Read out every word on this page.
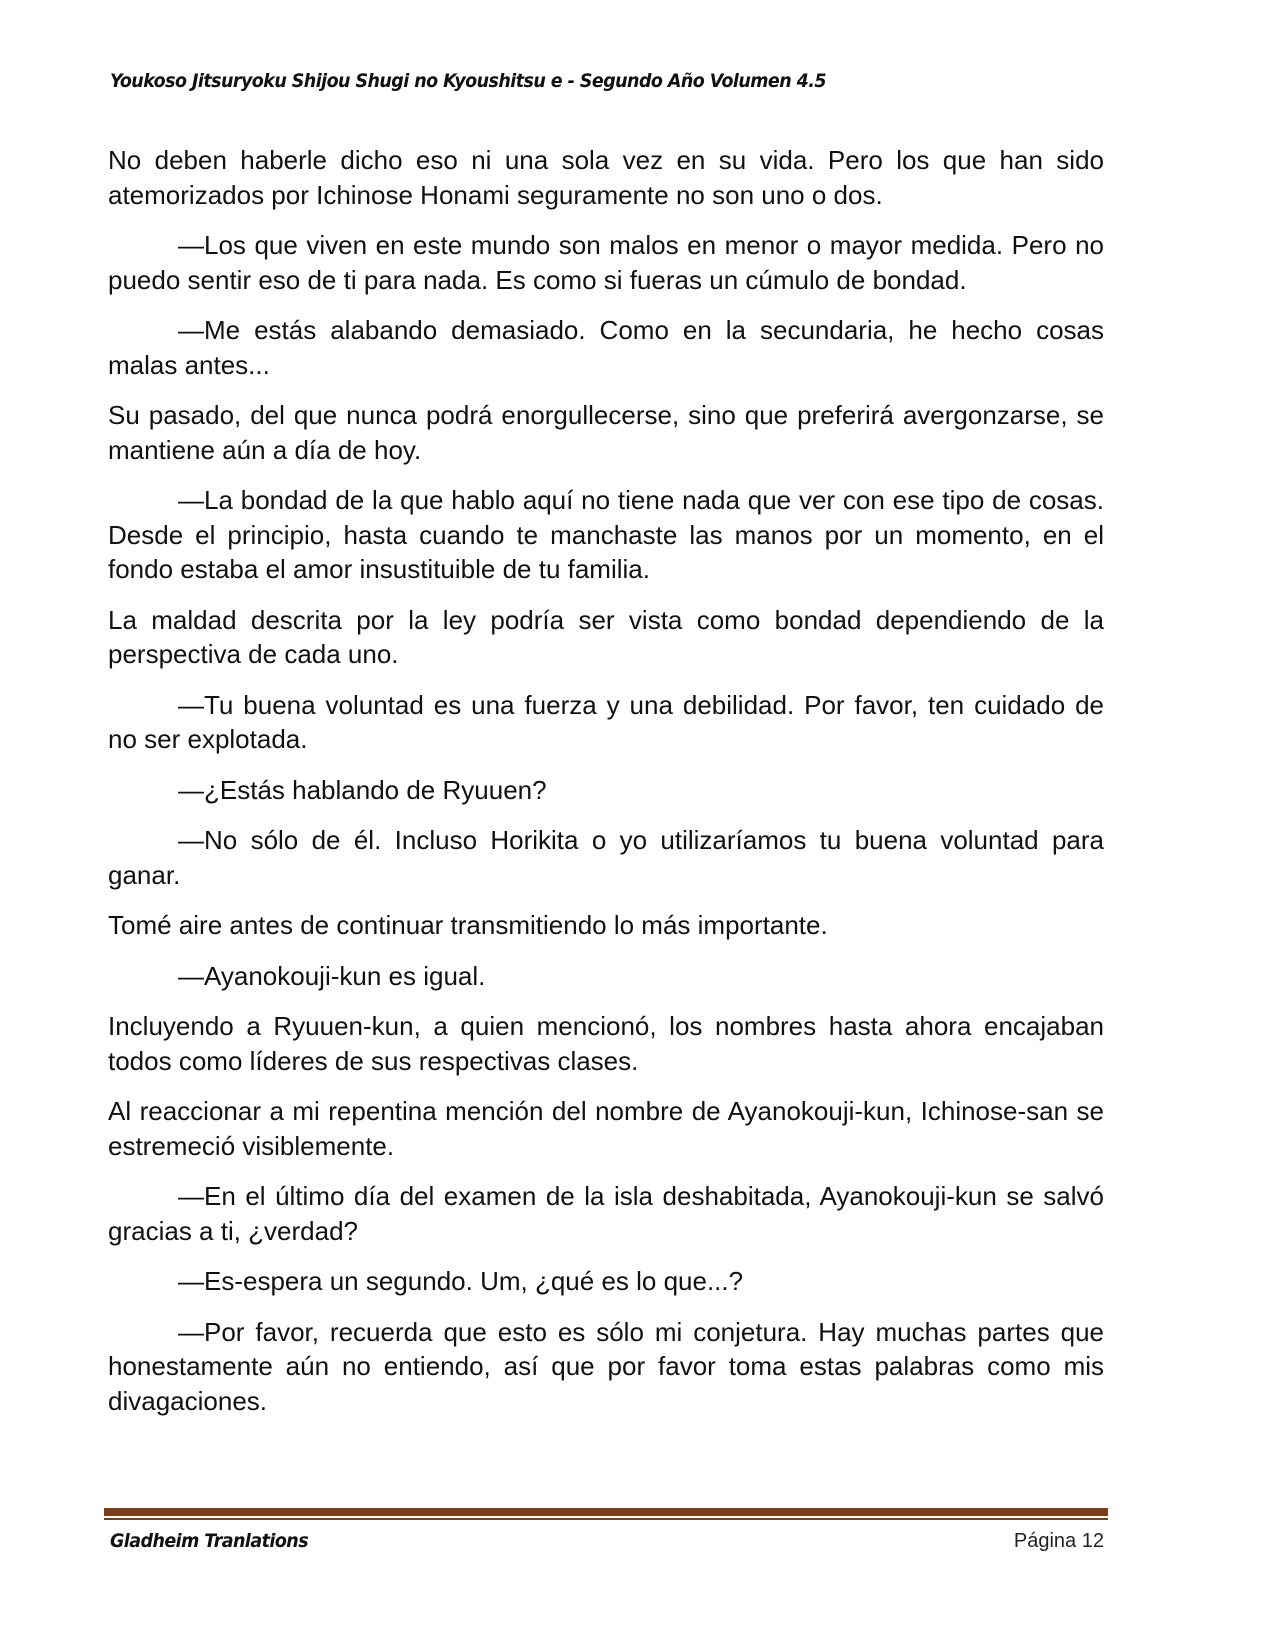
Youkoso Jitsuryoku Shijou Shugi no Kyoushitsu e - Segundo Año Volumen 4.5

No deben haberle dicho eso ni una sola vez en su vida. Pero los que han sido atemorizados por Ichinose Honami seguramente no son uno o dos.

—Los que viven en este mundo son malos en menor o mayor medida. Pero no puedo sentir eso de ti para nada. Es como si fueras un cúmulo de bondad.

—Me estás alabando demasiado. Como en la secundaria, he hecho cosas malas antes...

Su pasado, del que nunca podrá enorgullecerse, sino que preferirá avergonzarse, se mantiene aún a día de hoy.

—La bondad de la que hablo aquí no tiene nada que ver con ese tipo de cosas. Desde el principio, hasta cuando te manchaste las manos por un momento, en el fondo estaba el amor insustituible de tu familia.

La maldad descrita por la ley podría ser vista como bondad dependiendo de la perspectiva de cada uno.

—Tu buena voluntad es una fuerza y una debilidad. Por favor, ten cuidado de no ser explotada.

—¿Estás hablando de Ryuuen?

—No sólo de él. Incluso Horikita o yo utilizaríamos tu buena voluntad para ganar.

Tomé aire antes de continuar transmitiendo lo más importante.

—Ayanokouji-kun es igual.

Incluyendo a Ryuuen-kun, a quien mencionó, los nombres hasta ahora encajaban todos como líderes de sus respectivas clases.

Al reaccionar a mi repentina mención del nombre de Ayanokouji-kun, Ichinose-san se estremeció visiblemente.

—En el último día del examen de la isla deshabitada, Ayanokouji-kun se salvó gracias a ti, ¿verdad?

—Es-espera un segundo. Um, ¿qué es lo que...?

—Por favor, recuerda que esto es sólo mi conjetura. Hay muchas partes que honestamente aún no entiendo, así que por favor toma estas palabras como mis divagaciones.

Gladheim Tranlations	Página 12
